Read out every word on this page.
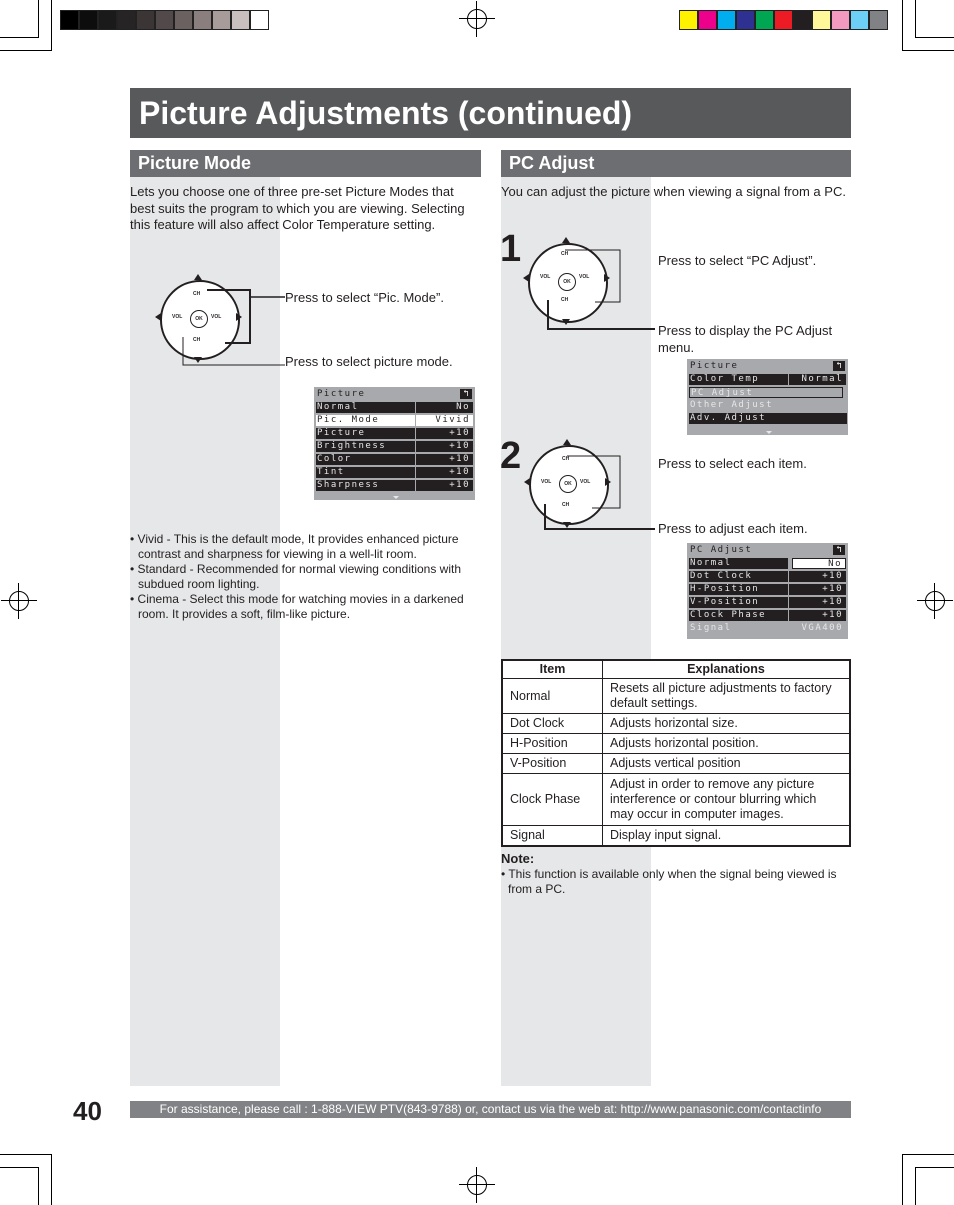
Picture Adjustments (continued)
Picture Mode
Lets you choose one of three pre-set Picture Modes that best suits the program to which you are viewing. Selecting this feature will also affect Color Temperature setting.
OK
CH
VOL	VOL
CH
Press to select “Pic. Mode”.
Press to select picture mode.
Picture	↰
Normal	No
Pic. Mode	Vivid
Picture	+10
Brightness	+10
Color	+10
Tint	+10
Sharpness	+10
• Vivid - This is the default mode, It provides enhanced picture contrast and sharpness for viewing in a well-lit room.
• Standard - Recommended for normal viewing conditions with subdued room lighting.
• Cinema - Select this mode for watching movies in a darkened room. It provides a soft, film-like picture.
PC Adjust
You can adjust the picture when viewing a signal from a PC.
1
2
OK
CH
VOL	VOL
CH
Press to select “PC Adjust”.
Press to display the PC Adjust menu.
Picture	↰
Color Temp	Normal
PC Adjust
Other Adjust
Adv. Adjust
OK
CH
VOL	VOL
CH
Press to select each item.
Press to adjust each item.
PC Adjust	↰
Normal	No
Dot Clock	+10
H-Position	+10
V-Position	+10
Clock Phase	+10
Signal	VGA400
Item	Explanations
Normal	Resets all picture adjustments to factory default settings.
Dot Clock	Adjusts horizontal size.
H-Position	Adjusts horizontal position.
V-Position	Adjusts vertical position
Clock Phase	Adjust in order to remove any picture interference or contour blurring which may occur in computer images.
Signal	Display input signal.
Note:
• This function is available only when the signal being viewed is from a PC.
40	For assistance, please call : 1-888-VIEW PTV(843-9788) or, contact us via the web at: http://www.panasonic.com/contactinfo
